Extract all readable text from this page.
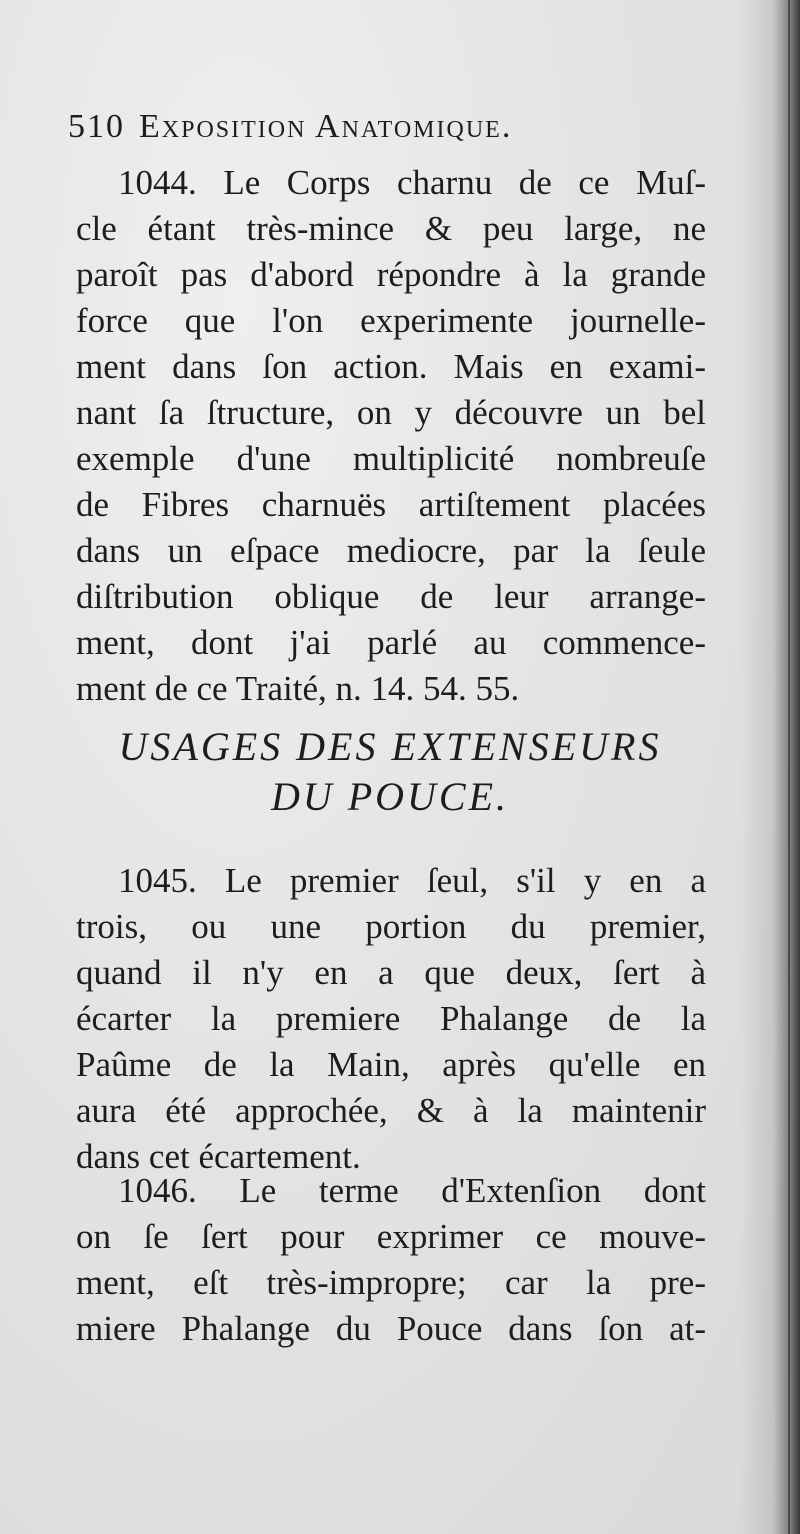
510 Exposition Anatomique.
1044. Le Corps charnu de ce Muſ-
cle étant très-mince & peu large, ne
paroît pas d'abord répondre à la grande
force que l'on experimente journelle-
ment dans ſon action. Mais en exami-
nant ſa ſtructure, on y découvre un bel
exemple d'une multiplicité nombreuſe
de Fibres charnuës artiſtement placées
dans un eſpace mediocre, par la ſeule
diſtribution oblique de leur arrange-
ment, dont j'ai parlé au commence-
ment de ce Traité, n. 14. 54. 55.
USAGES DES EXTENSEURS
DU POUCE.
1045. Le premier ſeul, s'il y en a
trois, ou une portion du premier,
quand il n'y en a que deux, ſert à
écarter la premiere Phalange de la
Paûme de la Main, après qu'elle en
aura été approchée, & à la maintenir
dans cet écartement.
1046. Le terme d'Extenſion dont
on ſe ſert pour exprimer ce mouve-
ment, eſt très-impropre; car la pre-
miere Phalange du Pouce dans ſon at-
